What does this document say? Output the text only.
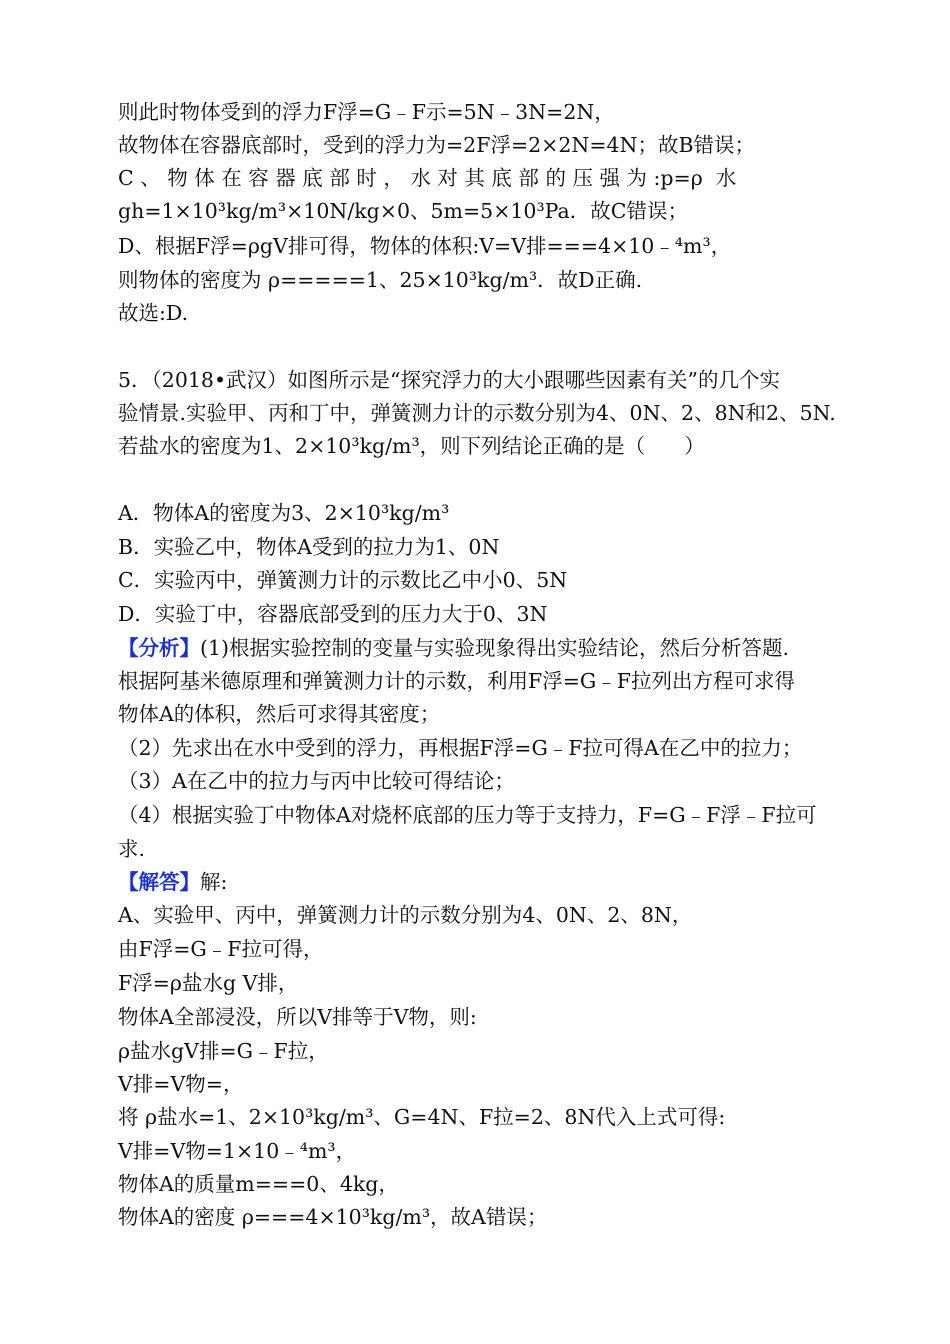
则此时物体受到的浮力F浮=G﹣F示=5N﹣3N=2N，
故物体在容器底部时，受到的浮力为=2F浮=2×2N=4N；故B错误；
C 、 物 体 在 容 器 底 部 时 ， 水 对 其 底 部 的 压 强 为 :p=ρ  水
gh=1×10³kg/m³×10N/kg×0、5m=5×10³Pa．故C错误；
D、根据F浮=ρgV排可得，物体的体积:V=V排===4×10﹣⁴m³，
则物体的密度为 ρ=====1、25×10³kg/m³．故D正确.
故选:D.
5．（2018•武汉）如图所示是“探究浮力的大小跟哪些因素有关”的几个实
验情景.实验甲、丙和丁中，弹簧测力计的示数分别为4、0N、2、8N和2、5N.
若盐水的密度为1、2×10³kg/m³，则下列结论正确的是（      ）
A．物体A的密度为3、2×10³kg/m³
B．实验乙中，物体A受到的拉力为1、0N
C．实验丙中，弹簧测力计的示数比乙中小0、5N
D．实验丁中，容器底部受到的压力大于0、3N
【分析】(1)根据实验控制的变量与实验现象得出实验结论，然后分析答题.
根据阿基米德原理和弹簧测力计的示数，利用F浮=G﹣F拉列出方程可求得
物体A的体积，然后可求得其密度；
（2）先求出在水中受到的浮力，再根据F浮=G﹣F拉可得A在乙中的拉力；
（3）A在乙中的拉力与丙中比较可得结论；
（4）根据实验丁中物体A对烧杯底部的压力等于支持力，F=G﹣F浮﹣F拉可
求.
【解答】解:
A、实验甲、丙中，弹簧测力计的示数分别为4、0N、2、8N，
由F浮=G﹣F拉可得，
F浮=ρ盐水g V排，
物体A全部浸没，所以V排等于V物，则:
ρ盐水gV排=G﹣F拉，
V排=V物=，
将 ρ盐水=1、2×10³kg/m³、G=4N、F拉=2、8N代入上式可得:
V排=V物=1×10﹣⁴m³，
物体A的质量m===0、4kg，
物体A的密度 ρ===4×10³kg/m³，故A错误；
